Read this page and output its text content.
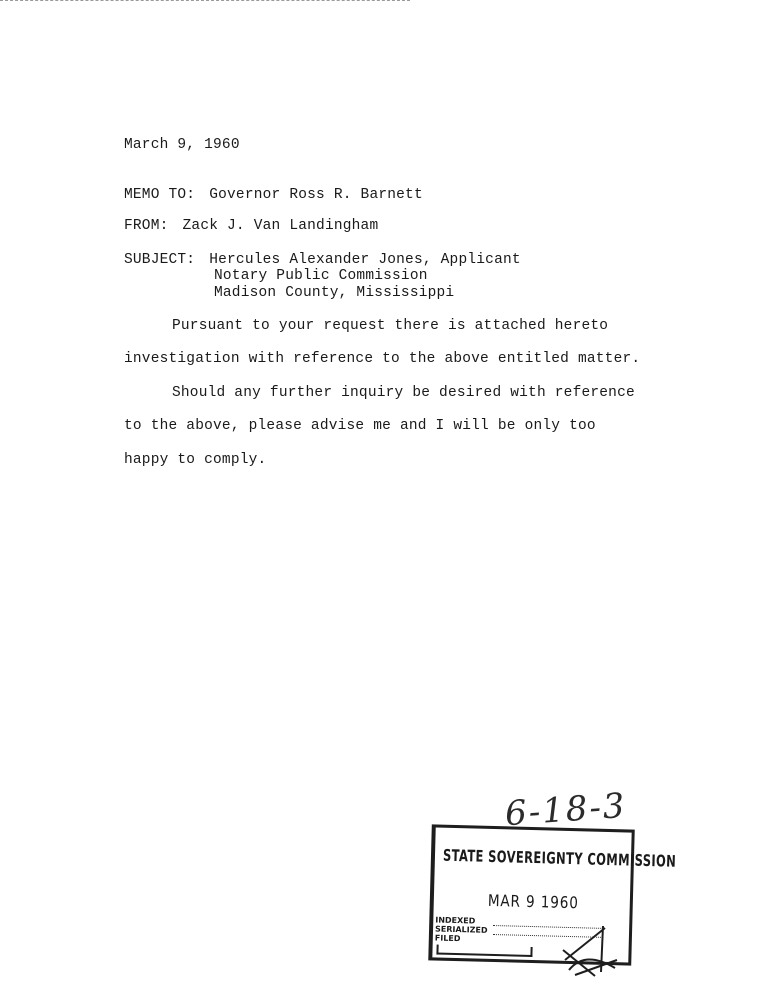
March 9, 1960
MEMO TO: Governor Ross R. Barnett
FROM: Zack J. Van Landingham
SUBJECT: Hercules Alexander Jones, Applicant
Notary Public Commission
Madison County, Mississippi
Pursuant to your request there is attached hereto
investigation with reference to the above entitled matter.
Should any further inquiry be desired with reference
to the above, please advise me and I will be only too
happy to comply.
6-18-3
STATE SOVEREIGNTY COMMISSION
MAR 9 1960
INDEXED
SERIALIZED
FILED
